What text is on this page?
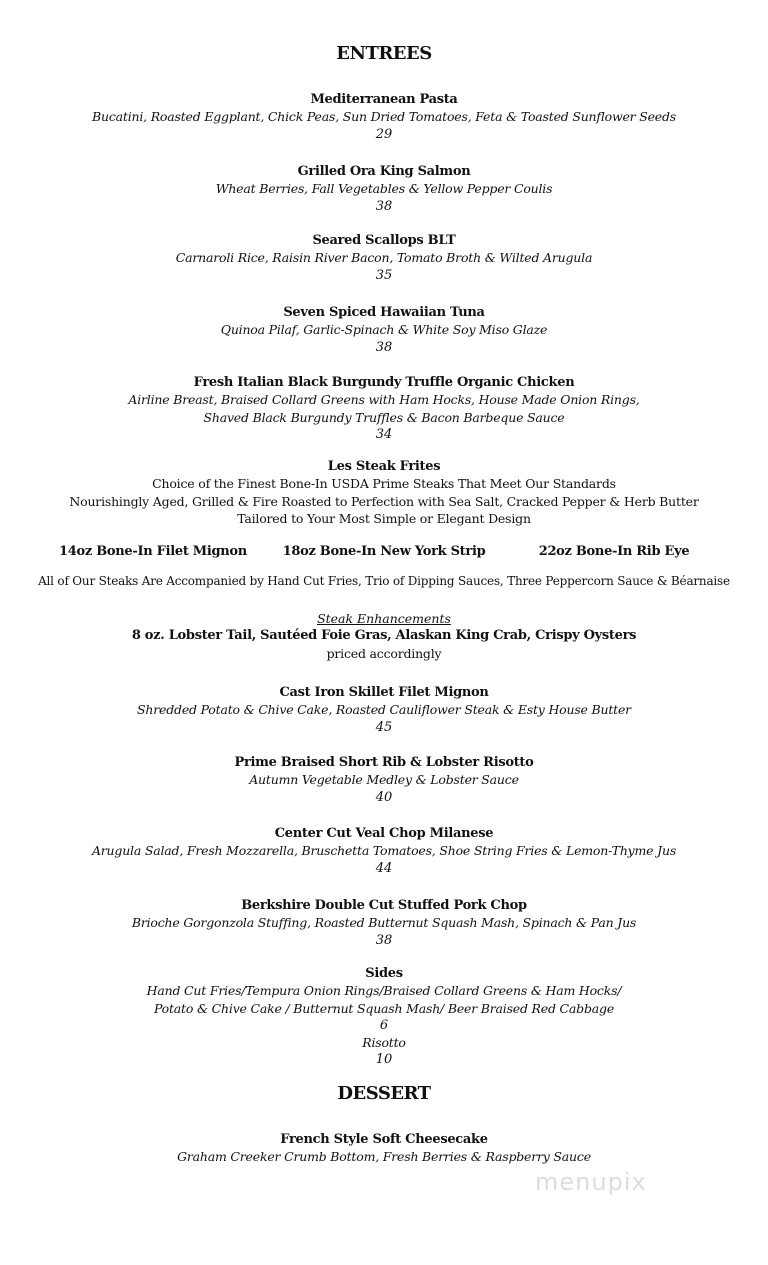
ENTREES
Mediterranean Pasta
Bucatini, Roasted Eggplant, Chick Peas, Sun Dried Tomatoes, Feta & Toasted Sunflower Seeds
29
Grilled Ora King Salmon
Wheat Berries, Fall Vegetables & Yellow Pepper Coulis
38
Seared Scallops BLT
Carnaroli Rice, Raisin River Bacon, Tomato Broth & Wilted Arugula
35
Seven Spiced Hawaiian Tuna
Quinoa Pilaf, Garlic-Spinach & White Soy Miso Glaze
38
Fresh Italian Black Burgundy Truffle Organic Chicken
Airline Breast, Braised Collard Greens with Ham Hocks, House Made Onion Rings,
Shaved Black Burgundy Truffles & Bacon Barbeque Sauce
34
Les Steak Frites
Choice of the Finest Bone-In USDA Prime Steaks That Meet Our Standards
Nourishingly Aged, Grilled & Fire Roasted to Perfection with Sea Salt, Cracked Pepper & Herb Butter
Tailored to Your Most Simple or Elegant Design
14oz Bone-In Filet Mignon	18oz Bone-In New York Strip	22oz Bone-In Rib Eye
All of Our Steaks Are Accompanied by Hand Cut Fries, Trio of Dipping Sauces, Three Peppercorn Sauce & Béarnaise
Steak Enhancements
8 oz. Lobster Tail, Sautéed Foie Gras, Alaskan King Crab, Crispy Oysters
priced accordingly
Cast Iron Skillet Filet Mignon
Shredded Potato & Chive Cake, Roasted Cauliflower Steak & Esty House Butter
45
Prime Braised Short Rib & Lobster Risotto
Autumn Vegetable Medley & Lobster Sauce
40
Center Cut Veal Chop Milanese
Arugula Salad, Fresh Mozzarella, Bruschetta Tomatoes, Shoe String Fries & Lemon-Thyme Jus
44
Berkshire Double Cut Stuffed Pork Chop
Brioche Gorgonzola Stuffing, Roasted Butternut Squash Mash, Spinach & Pan Jus
38
Sides
Hand Cut Fries/Tempura Onion Rings/Braised Collard Greens & Ham Hocks/
Potato & Chive Cake / Butternut Squash Mash/ Beer Braised Red Cabbage
6
Risotto
10
DESSERT
French Style Soft Cheesecake
Graham Creeker Crumb Bottom, Fresh Berries & Raspberry Sauce
menupix
